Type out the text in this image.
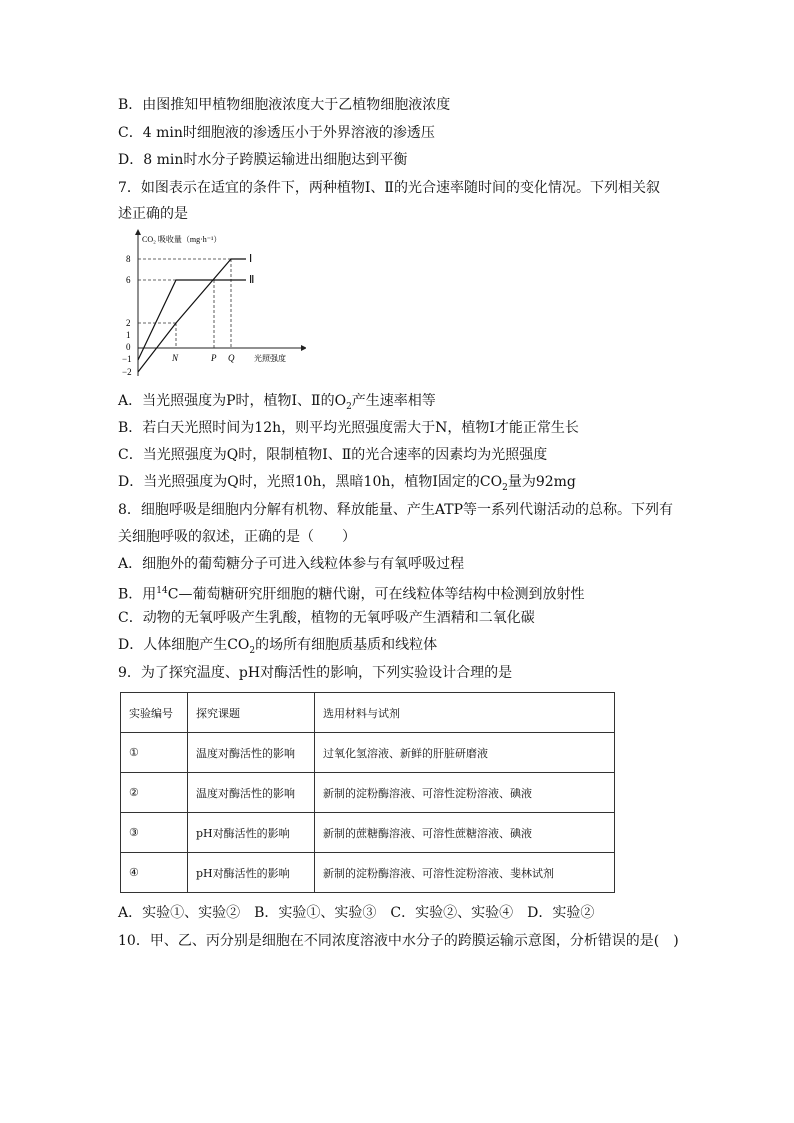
B．由图推知甲植物细胞液浓度大于乙植物细胞液浓度
C．4 min时细胞液的渗透压小于外界溶液的渗透压
D．8 min时水分子跨膜运输进出细胞达到平衡
7．如图表示在适宜的条件下，两种植物Ⅰ、Ⅱ的光合速率随时间的变化情况。下列相关叙
述正确的是
CO₂ 吸收量（mg·h⁻¹）
8
6
2
1
0
−1
−2
Ⅰ
Ⅱ
N	P Q 光照强度
A．当光照强度为P时，植物Ⅰ、Ⅱ的$O_2$产生速率相等
B．若白天光照时间为12h，则平均光照强度需大于N，植物Ⅰ才能正常生长
C．当光照强度为Q时，限制植物Ⅰ、Ⅱ的光合速率的因素均为光照强度
D．当光照强度为Q时，光照10h，黑暗10h，植物Ⅰ固定的$CO_2$量为92mg
8．细胞呼吸是细胞内分解有机物、释放能量、产生ATP等一系列代谢活动的总称。下列有
关细胞呼吸的叙述，正确的是（　　）
A．细胞外的葡萄糖分子可进入线粒体参与有氧呼吸过程
B．用$^{14}$C—葡萄糖研究肝细胞的糖代谢，可在线粒体等结构中检测到放射性
C．动物的无氧呼吸产生乳酸，植物的无氧呼吸产生酒精和二氧化碳
D．人体细胞产生$CO_2$的场所有细胞质基质和线粒体
9．为了探究温度、pH对酶活性的影响，下列实验设计合理的是
实验编号	探究课题	选用材料与试剂
①	温度对酶活性的影响	过氧化氢溶液、新鲜的肝脏研磨液
②	温度对酶活性的影响	新制的淀粉酶溶液、可溶性淀粉溶液、碘液
③	pH对酶活性的影响	新制的蔗糖酶溶液、可溶性蔗糖溶液、碘液
④	pH对酶活性的影响	新制的淀粉酶溶液、可溶性淀粉溶液、斐林试剂
A．实验①、实验②　B．实验①、实验③　C．实验②、实验④　D．实验②
10．甲、乙、丙分别是细胞在不同浓度溶液中水分子的跨膜运输示意图，分析错误的是(　)
